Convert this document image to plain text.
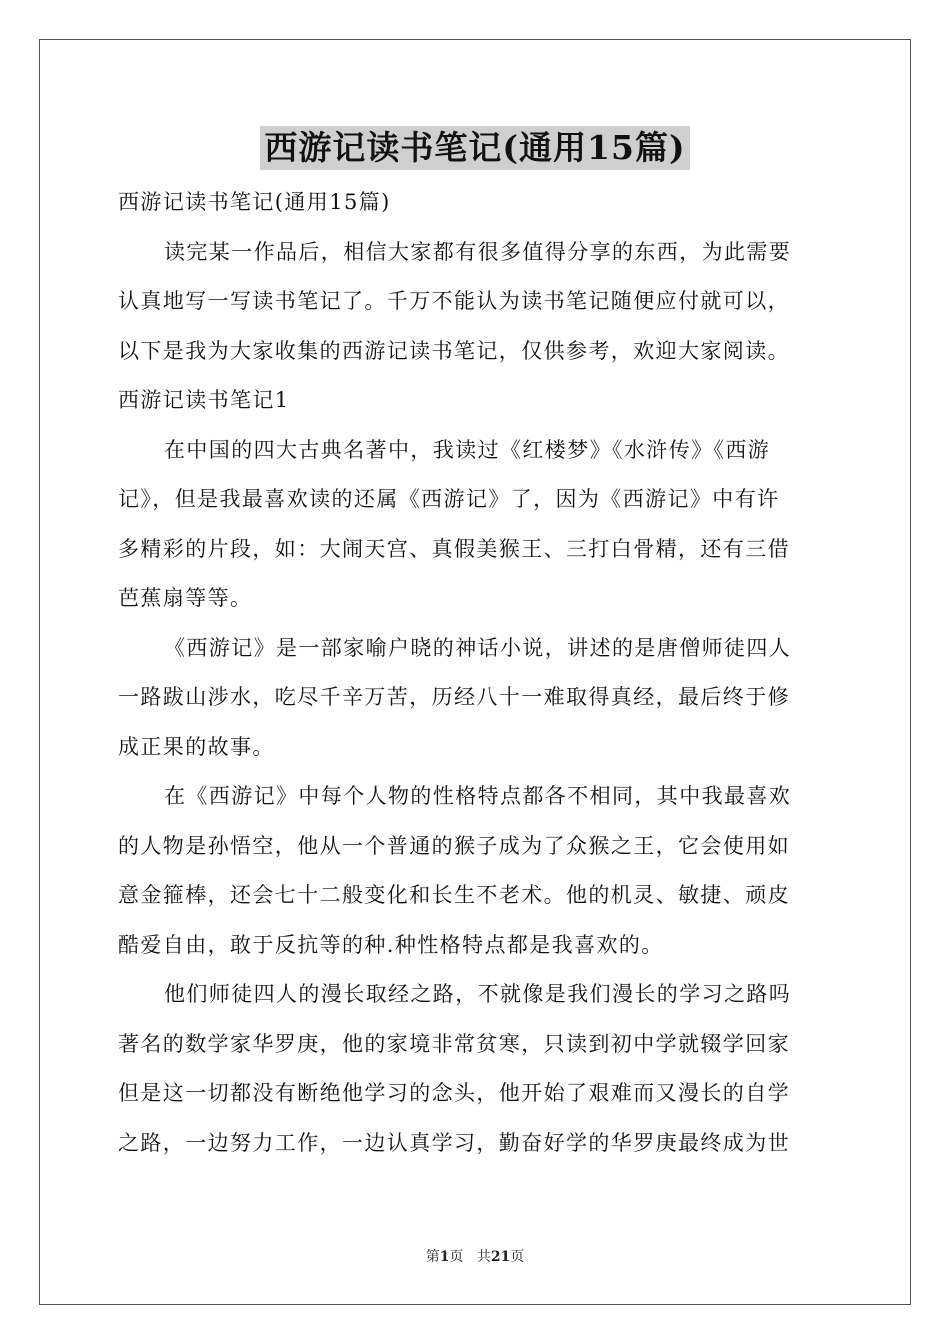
西游记读书笔记(通用15篇)
西游记读书笔记(通用15篇)
读完某一作品后，相信大家都有很多值得分享的东西，为此需要
认真地写一写读书笔记了。千万不能认为读书笔记随便应付就可以，
以下是我为大家收集的西游记读书笔记，仅供参考，欢迎大家阅读。
西游记读书笔记1
在中国的四大古典名著中，我读过《红楼梦》《水浒传》《西游
记》，但是我最喜欢读的还属《西游记》了，因为《西游记》中有许
多精彩的片段，如：大闹天宫、真假美猴王、三打白骨精，还有三借
芭蕉扇等等。
《西游记》是一部家喻户晓的神话小说，讲述的是唐僧师徒四人
一路跋山涉水，吃尽千辛万苦，历经八十一难取得真经，最后终于修
成正果的故事。
在《西游记》中每个人物的性格特点都各不相同，其中我最喜欢
的人物是孙悟空，他从一个普通的猴子成为了众猴之王，它会使用如
意金箍棒，还会七十二般变化和长生不老术。他的机灵、敏捷、顽皮
酷爱自由，敢于反抗等的种.种性格特点都是我喜欢的。
他们师徒四人的漫长取经之路，不就像是我们漫长的学习之路吗
著名的数学家华罗庚，他的家境非常贫寒，只读到初中学就辍学回家
但是这一切都没有断绝他学习的念头，他开始了艰难而又漫长的自学
之路，一边努力工作，一边认真学习，勤奋好学的华罗庚最终成为世
第1页 共21页
